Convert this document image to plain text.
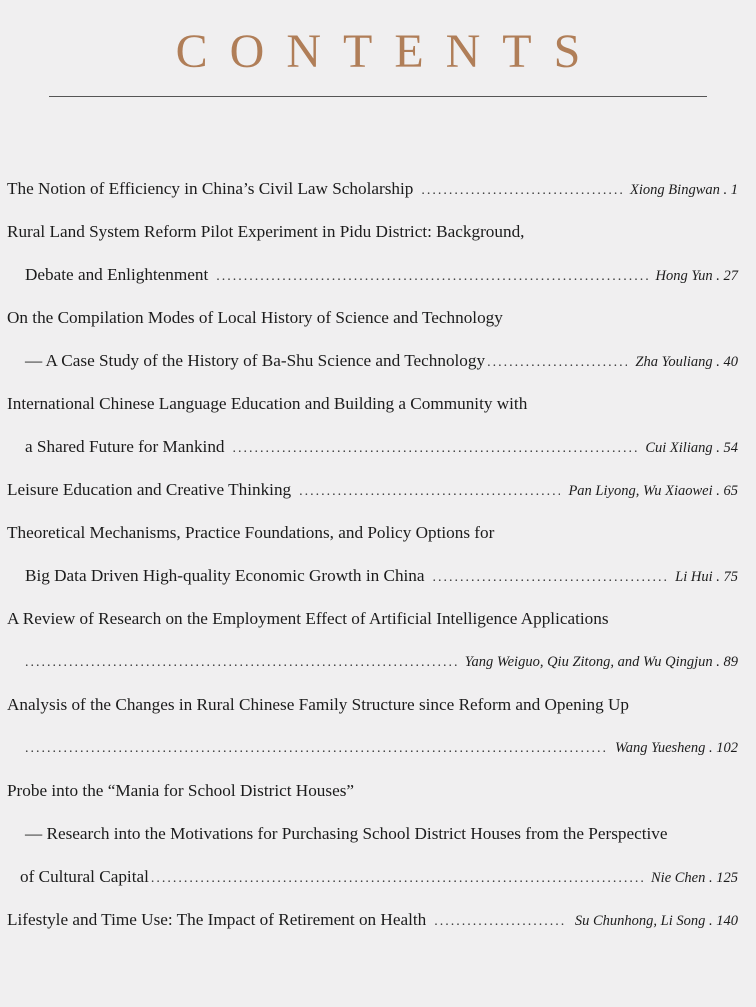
CONTENTS
The Notion of Efficiency in China’s Civil Law Scholarship .....	Xiong Bingwan . 1
Rural Land System Reform Pilot Experiment in Pidu District: Background,
Debate and Enlightenment .....	Hong Yun . 27
On the Compilation Modes of Local History of Science and Technology
— A Case Study of the History of Ba-Shu Science and Technology .....	Zha Youliang . 40
International Chinese Language Education and Building a Community with
a Shared Future for Mankind .....	Cui Xiliang . 54
Leisure Education and Creative Thinking .....	Pan Liyong, Wu Xiaowei . 65
Theoretical Mechanisms, Practice Foundations, and Policy Options for
Big Data Driven High-quality Economic Growth in China .....	Li Hui . 75
A Review of Research on the Employment Effect of Artificial Intelligence Applications
.....
Yang Weiguo, Qiu Zitong, and Wu Qingjun . 89
Analysis of the Changes in Rural Chinese Family Structure since Reform and Opening Up
.....
Wang Yuesheng . 102
Probe into the “Mania for School District Houses”
— Research into the Motivations for Purchasing School District Houses from the Perspective
of Cultural Capital .....	Nie Chen . 125
Lifestyle and Time Use: The Impact of Retirement on Health .....	Su Chunhong, Li Song . 140
